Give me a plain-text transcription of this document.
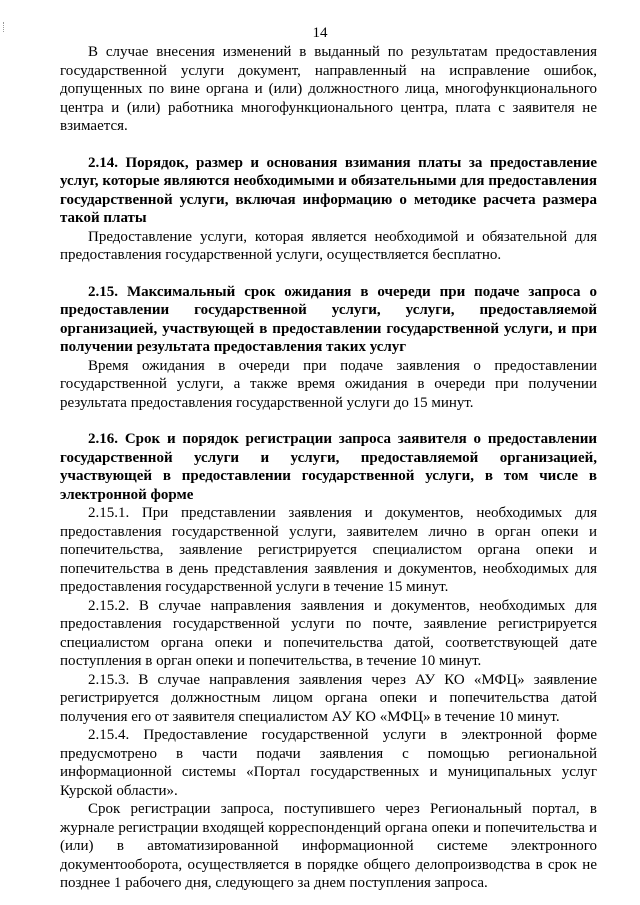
14

В случае внесения изменений в выданный по результатам предоставления государственной услуги документ, направленный на исправление ошибок, допущенных по вине органа и (или) должностного лица, многофункционального центра и (или) работника многофункционального центра, плата с заявителя не взимается.

2.14. Порядок, размер и основания взимания платы за предоставление услуг, которые являются необходимыми и обязательными для предоставления государственной услуги, включая информацию о методике расчета размера такой платы

Предоставление услуги, которая является необходимой и обязательной для предоставления государственной услуги, осуществляется бесплатно.

2.15. Максимальный срок ожидания в очереди при подаче запроса о предоставлении государственной услуги, услуги, предоставляемой организацией, участвующей в предоставлении государственной услуги, и при получении результата предоставления таких услуг

Время ожидания в очереди при подаче заявления о предоставлении государственной услуги, а также время ожидания в очереди при получении результата предоставления государственной услуги до 15 минут.

2.16. Срок и порядок регистрации запроса заявителя о предоставлении государственной услуги и услуги, предоставляемой организацией, участвующей в предоставлении государственной услуги, в том числе в электронной форме

2.15.1. При представлении заявления и документов, необходимых для предоставления государственной услуги, заявителем лично в орган опеки и попечительства, заявление регистрируется специалистом органа опеки и попечительства в день представления заявления и документов, необходимых для предоставления государственной услуги в течение 15 минут.

2.15.2. В случае направления заявления и документов, необходимых для предоставления государственной услуги по почте, заявление регистрируется специалистом органа опеки и попечительства датой, соответствующей дате поступления в орган опеки и попечительства, в течение 10 минут.

2.15.3. В случае направления заявления через АУ КО «МФЦ» заявление регистрируется должностным лицом органа опеки и попечительства датой получения его от заявителя специалистом АУ КО «МФЦ» в течение 10 минут.

2.15.4. Предоставление государственной услуги в электронной форме предусмотрено в части подачи заявления с помощью региональной информационной системы «Портал государственных и муниципальных услуг Курской области».

Срок регистрации запроса, поступившего через Региональный портал, в журнале регистрации входящей корреспонденций органа опеки и попечительства и (или) в автоматизированной информационной системе электронного документооборота, осуществляется в порядке общего делопроизводства в срок не позднее 1 рабочего дня, следующего за днем поступления запроса.
